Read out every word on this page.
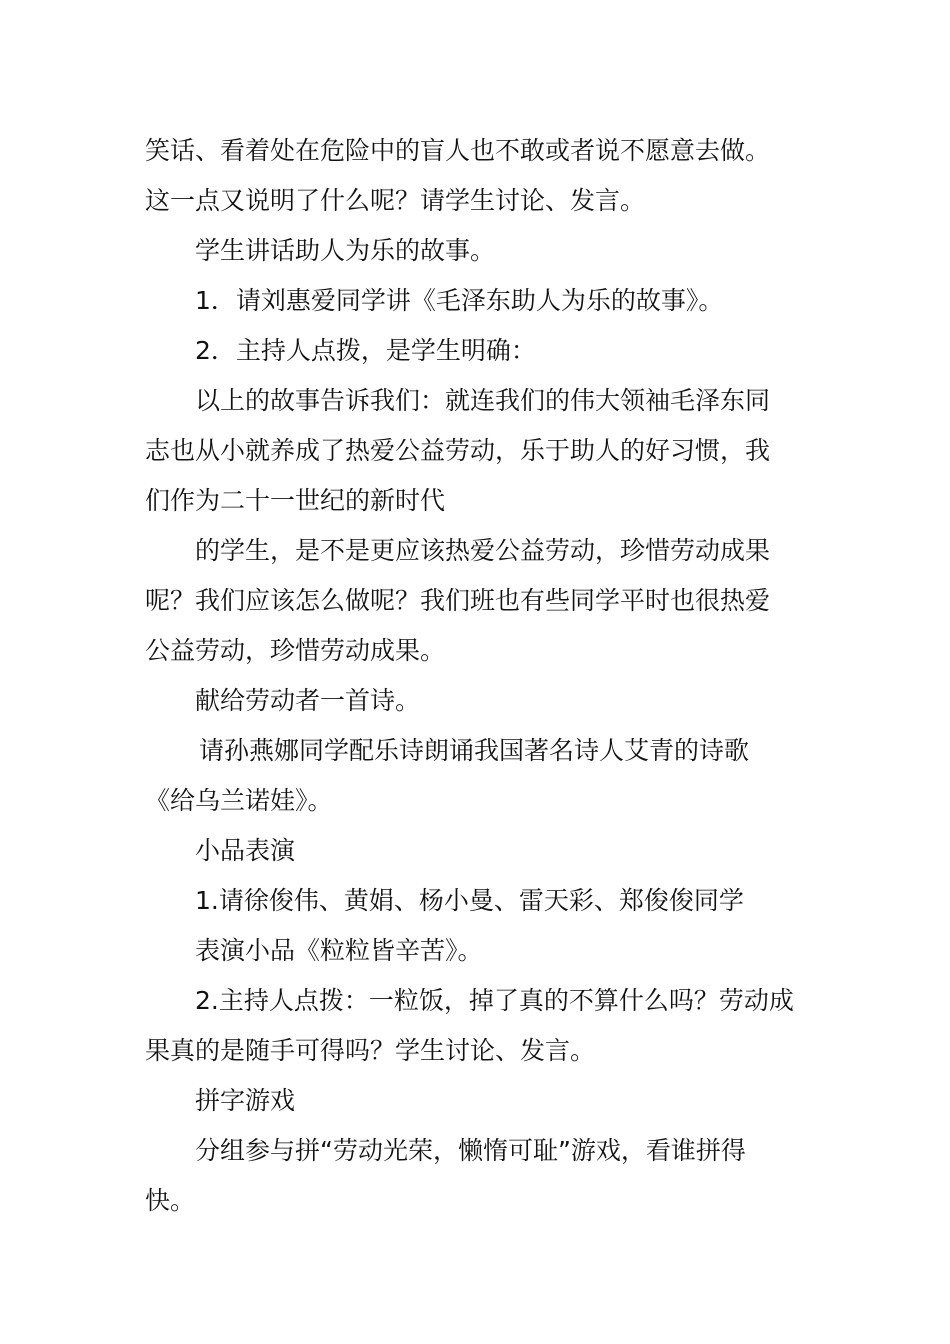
笑话、看着处在危险中的盲人也不敢或者说不愿意去做。
这一点又说明了什么呢？请学生讨论、发言。
学生讲话助人为乐的故事。
1．请刘惠爱同学讲《毛泽东助人为乐的故事》。
2．主持人点拨，是学生明确：
以上的故事告诉我们：就连我们的伟大领袖毛泽东同
志也从小就养成了热爱公益劳动，乐于助人的好习惯，我
们作为二十一世纪的新时代
的学生，是不是更应该热爱公益劳动，珍惜劳动成果
呢？我们应该怎么做呢？我们班也有些同学平时也很热爱
公益劳动，珍惜劳动成果。
献给劳动者一首诗。
请孙燕娜同学配乐诗朗诵我国著名诗人艾青的诗歌
《给乌兰诺娃》。
小品表演
1.请徐俊伟、黄娟、杨小曼、雷天彩、郑俊俊同学
表演小品《粒粒皆辛苦》。
2.主持人点拨：一粒饭，掉了真的不算什么吗？劳动成
果真的是随手可得吗？学生讨论、发言。
拼字游戏
分组参与拼“劳动光荣，懒惰可耻”游戏，看谁拼得
快。
